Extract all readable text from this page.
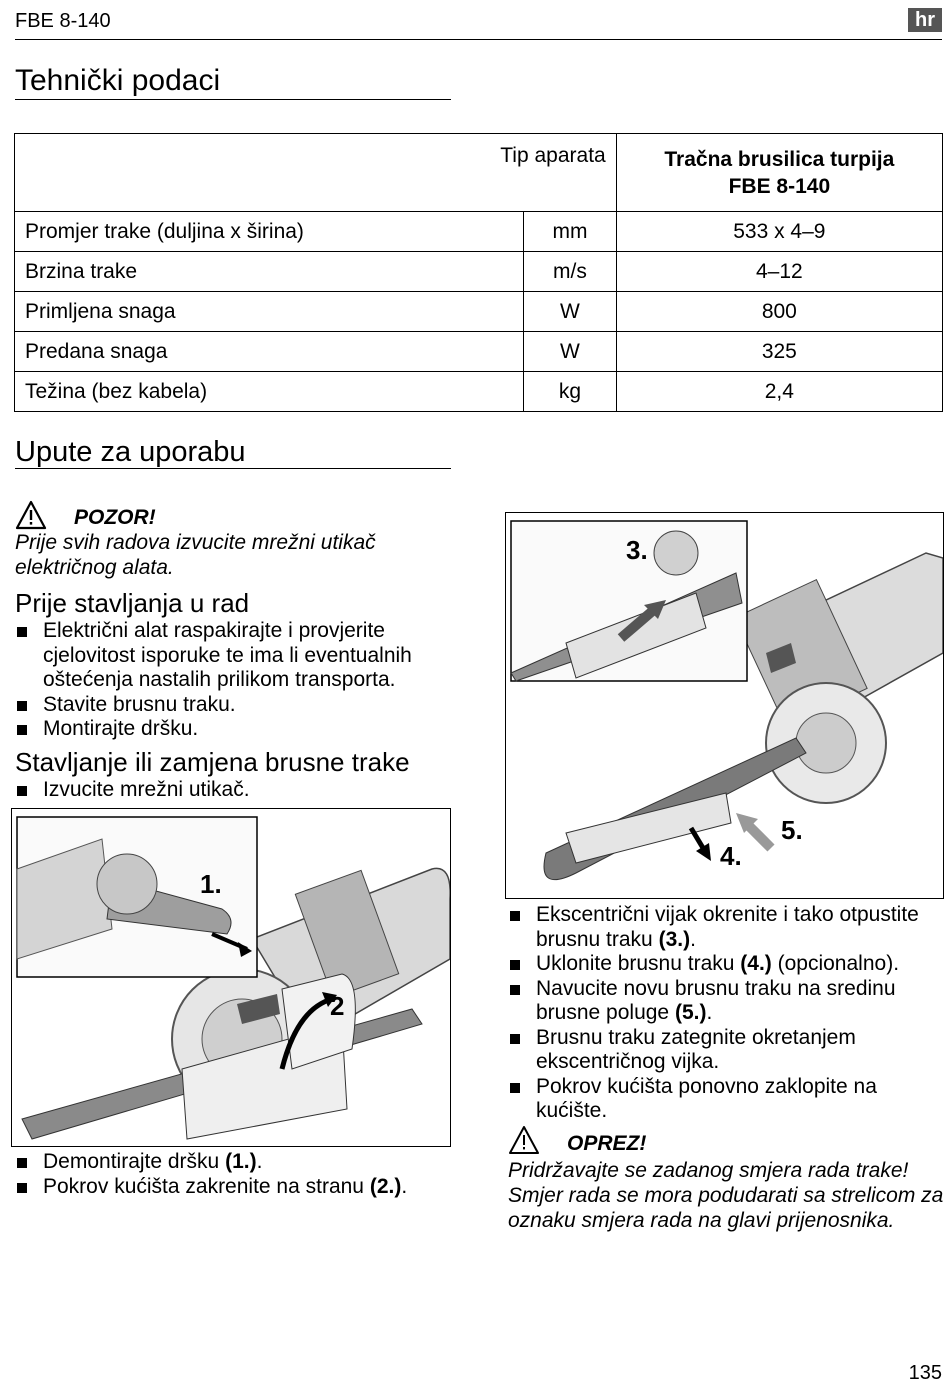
FBE 8-140	hr
Tehnički podaci
Tip aparata		Tračna brusilica turpija
FBE 8-140

Promjer trake (duljina x širina)	mm	533 x 4–9
Brzina trake	m/s	4–12
Primljena snaga	W	800
Predana snaga	W	325
Težina (bez kabela)	kg	2,4
Upute za uporabu
POZOR!
Prije svih radova izvucite mrežni utikač električnog alata.
Prije stavljanja u rad
Električni alat raspakirajte i provjerite cjelovitost isporuke te ima li eventualnih oštećenja nastalih prilikom transporta.
Stavite brusnu traku.
Montirajte dršku.
Stavljanje ili zamjena brusne trake
Izvucite mrežni utikač.
1.
2
Demontirajte dršku (1.).
Pokrov kućišta zakrenite na stranu (2.).
3.
4.
5.
Ekscentrični vijak okrenite i tako otpustite brusnu traku (3.).
Uklonite brusnu traku (4.) (opcionalno).
Navucite novu brusnu traku na sredinu brusne poluge (5.).
Brusnu traku zategnite okretanjem ekscentričnog vijka.
Pokrov kućišta ponovno zaklopite na kućište.
OPREZ!
Pridržavajte se zadanog smjera rada trake! Smjer rada se mora podudarati sa strelicom za oznaku smjera rada na glavi prijenosnika.
135
